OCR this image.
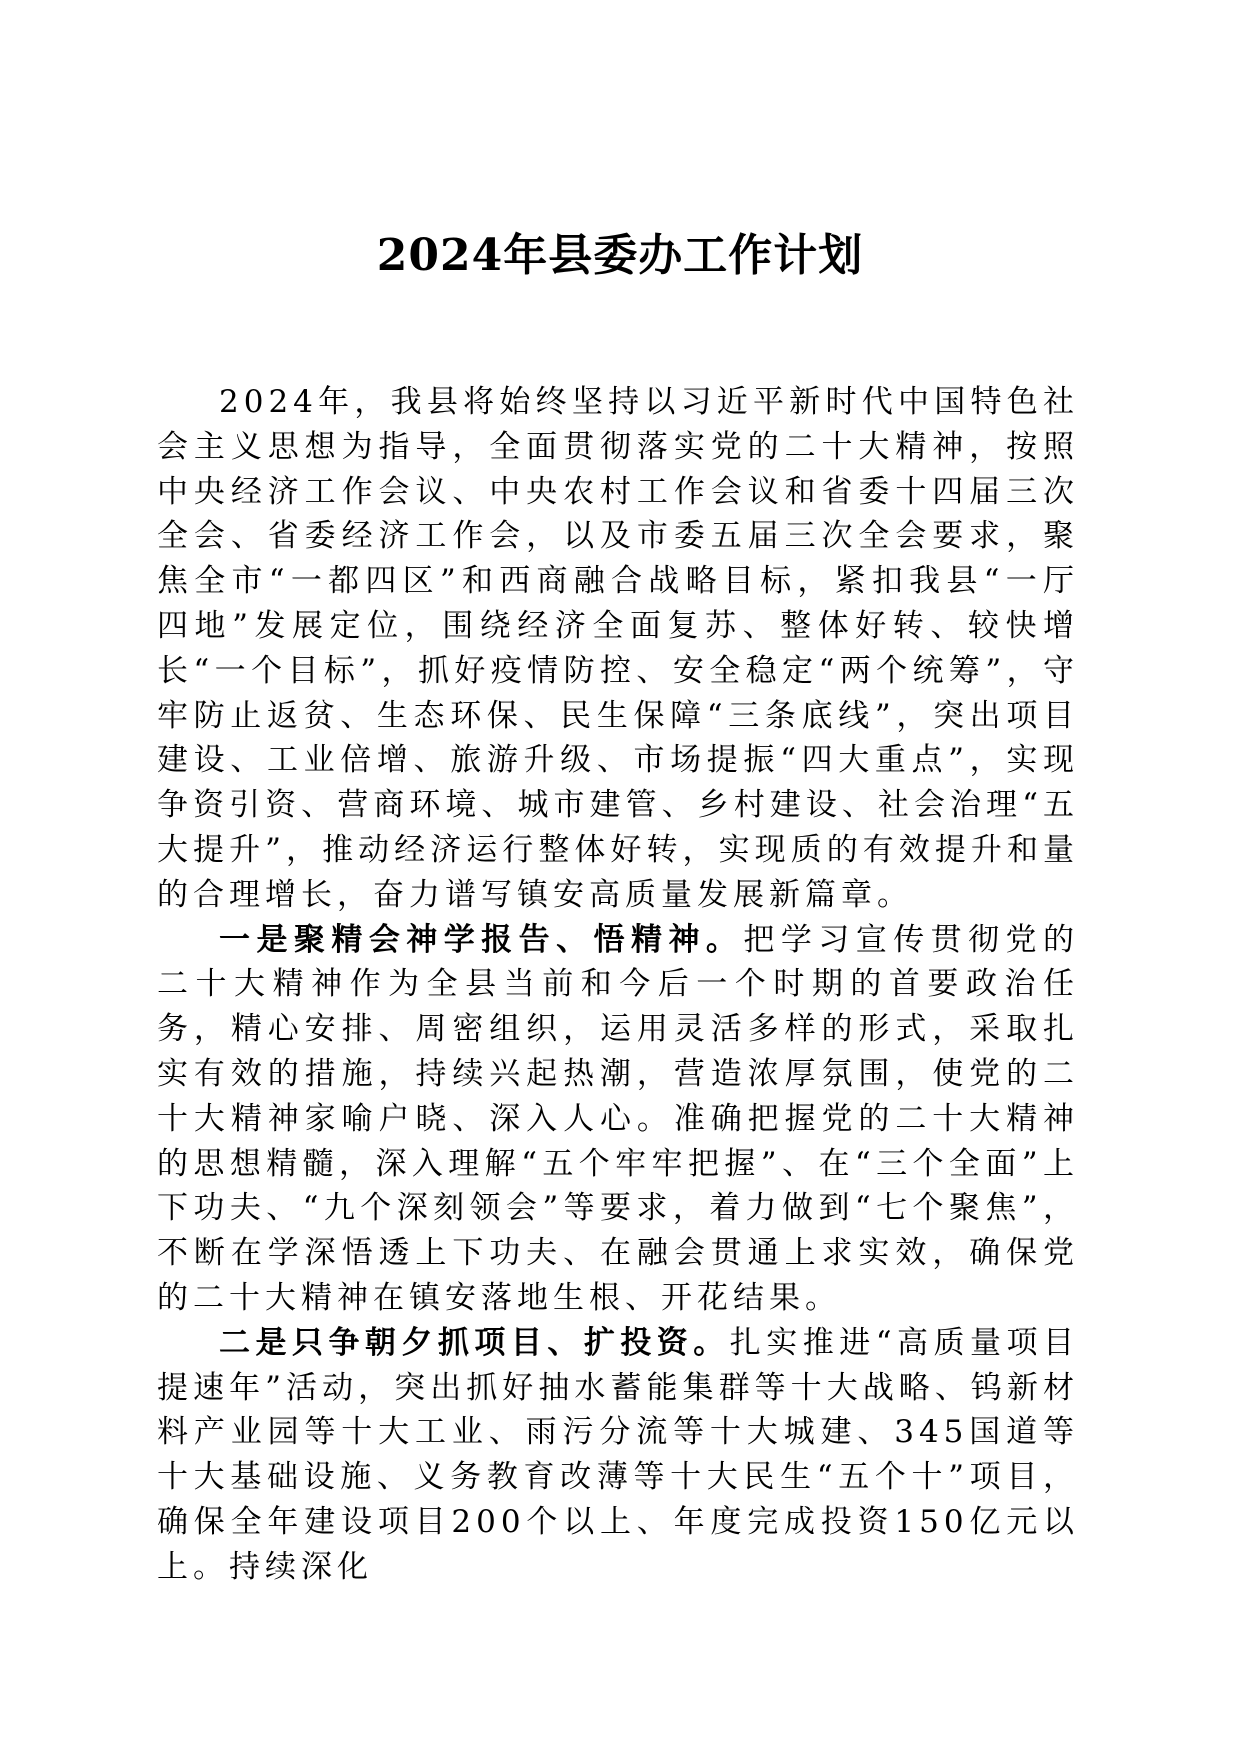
2024年县委办工作计划

2024年，我县将始终坚持以习近平新时代中国特色社会主义思想为指导，全面贯彻落实党的二十大精神，按照中央经济工作会议、中央农村工作会议和省委十四届三次全会、省委经济工作会，以及市委五届三次全会要求，聚焦全市“一都四区”和西商融合战略目标，紧扣我县“一厅四地”发展定位，围绕经济全面复苏、整体好转、较快增长“一个目标”，抓好疫情防控、安全稳定“两个统筹”，守牢防止返贫、生态环保、民生保障“三条底线”，突出项目建设、工业倍增、旅游升级、市场提振“四大重点”，实现争资引资、营商环境、城市建管、乡村建设、社会治理“五大提升”，推动经济运行整体好转，实现质的有效提升和量的合理增长，奋力谱写镇安高质量发展新篇章。

一是聚精会神学报告、悟精神。把学习宣传贯彻党的二十大精神作为全县当前和今后一个时期的首要政治任务，精心安排、周密组织，运用灵活多样的形式，采取扎实有效的措施，持续兴起热潮，营造浓厚氛围，使党的二十大精神家喻户晓、深入人心。准确把握党的二十大精神的思想精髓，深入理解“五个牢牢把握”、在“三个全面”上下功夫、“九个深刻领会”等要求，着力做到“七个聚焦”，不断在学深悟透上下功夫、在融会贯通上求实效，确保党的二十大精神在镇安落地生根、开花结果。

二是只争朝夕抓项目、扩投资。扎实推进“高质量项目提速年”活动，突出抓好抽水蓄能集群等十大战略、钨新材料产业园等十大工业、雨污分流等十大城建、345国道等十大基础设施、义务教育改薄等十大民生“五个十”项目，确保全年建设项目200个以上、年度完成投资150亿元以上。持续深化
